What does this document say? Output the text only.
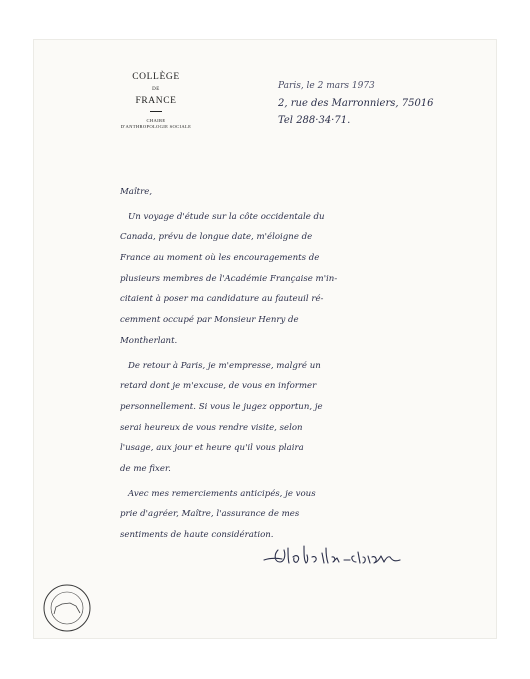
COLLÈGE
DE
FRANCE
CHAIRE
D'ANTHROPOLOGIE SOCIALE
Paris, le 2 mars 1973
2, rue des Marronniers, 75016
Tel 288·34·71.
Maître,
Un voyage d'étude sur la côte occidentale du
Canada, prévu de longue date, m'éloigne de
France au moment où les encouragements de
plusieurs membres de l'Académie Française m'in-
citaient à poser ma candidature au fauteuil ré-
cemment occupé par Monsieur Henry de
Montherlant.
De retour à Paris, je m'empresse, malgré un
retard dont je m'excuse, de vous en informer
personnellement. Si vous le jugez opportun, je
serai heureux de vous rendre visite, selon
l'usage, aux jour et heure qu'il vous plaira
de me fixer.
Avec mes remerciements anticipés, je vous
prie d'agréer, Maître, l'assurance de mes
sentiments de haute considération.
